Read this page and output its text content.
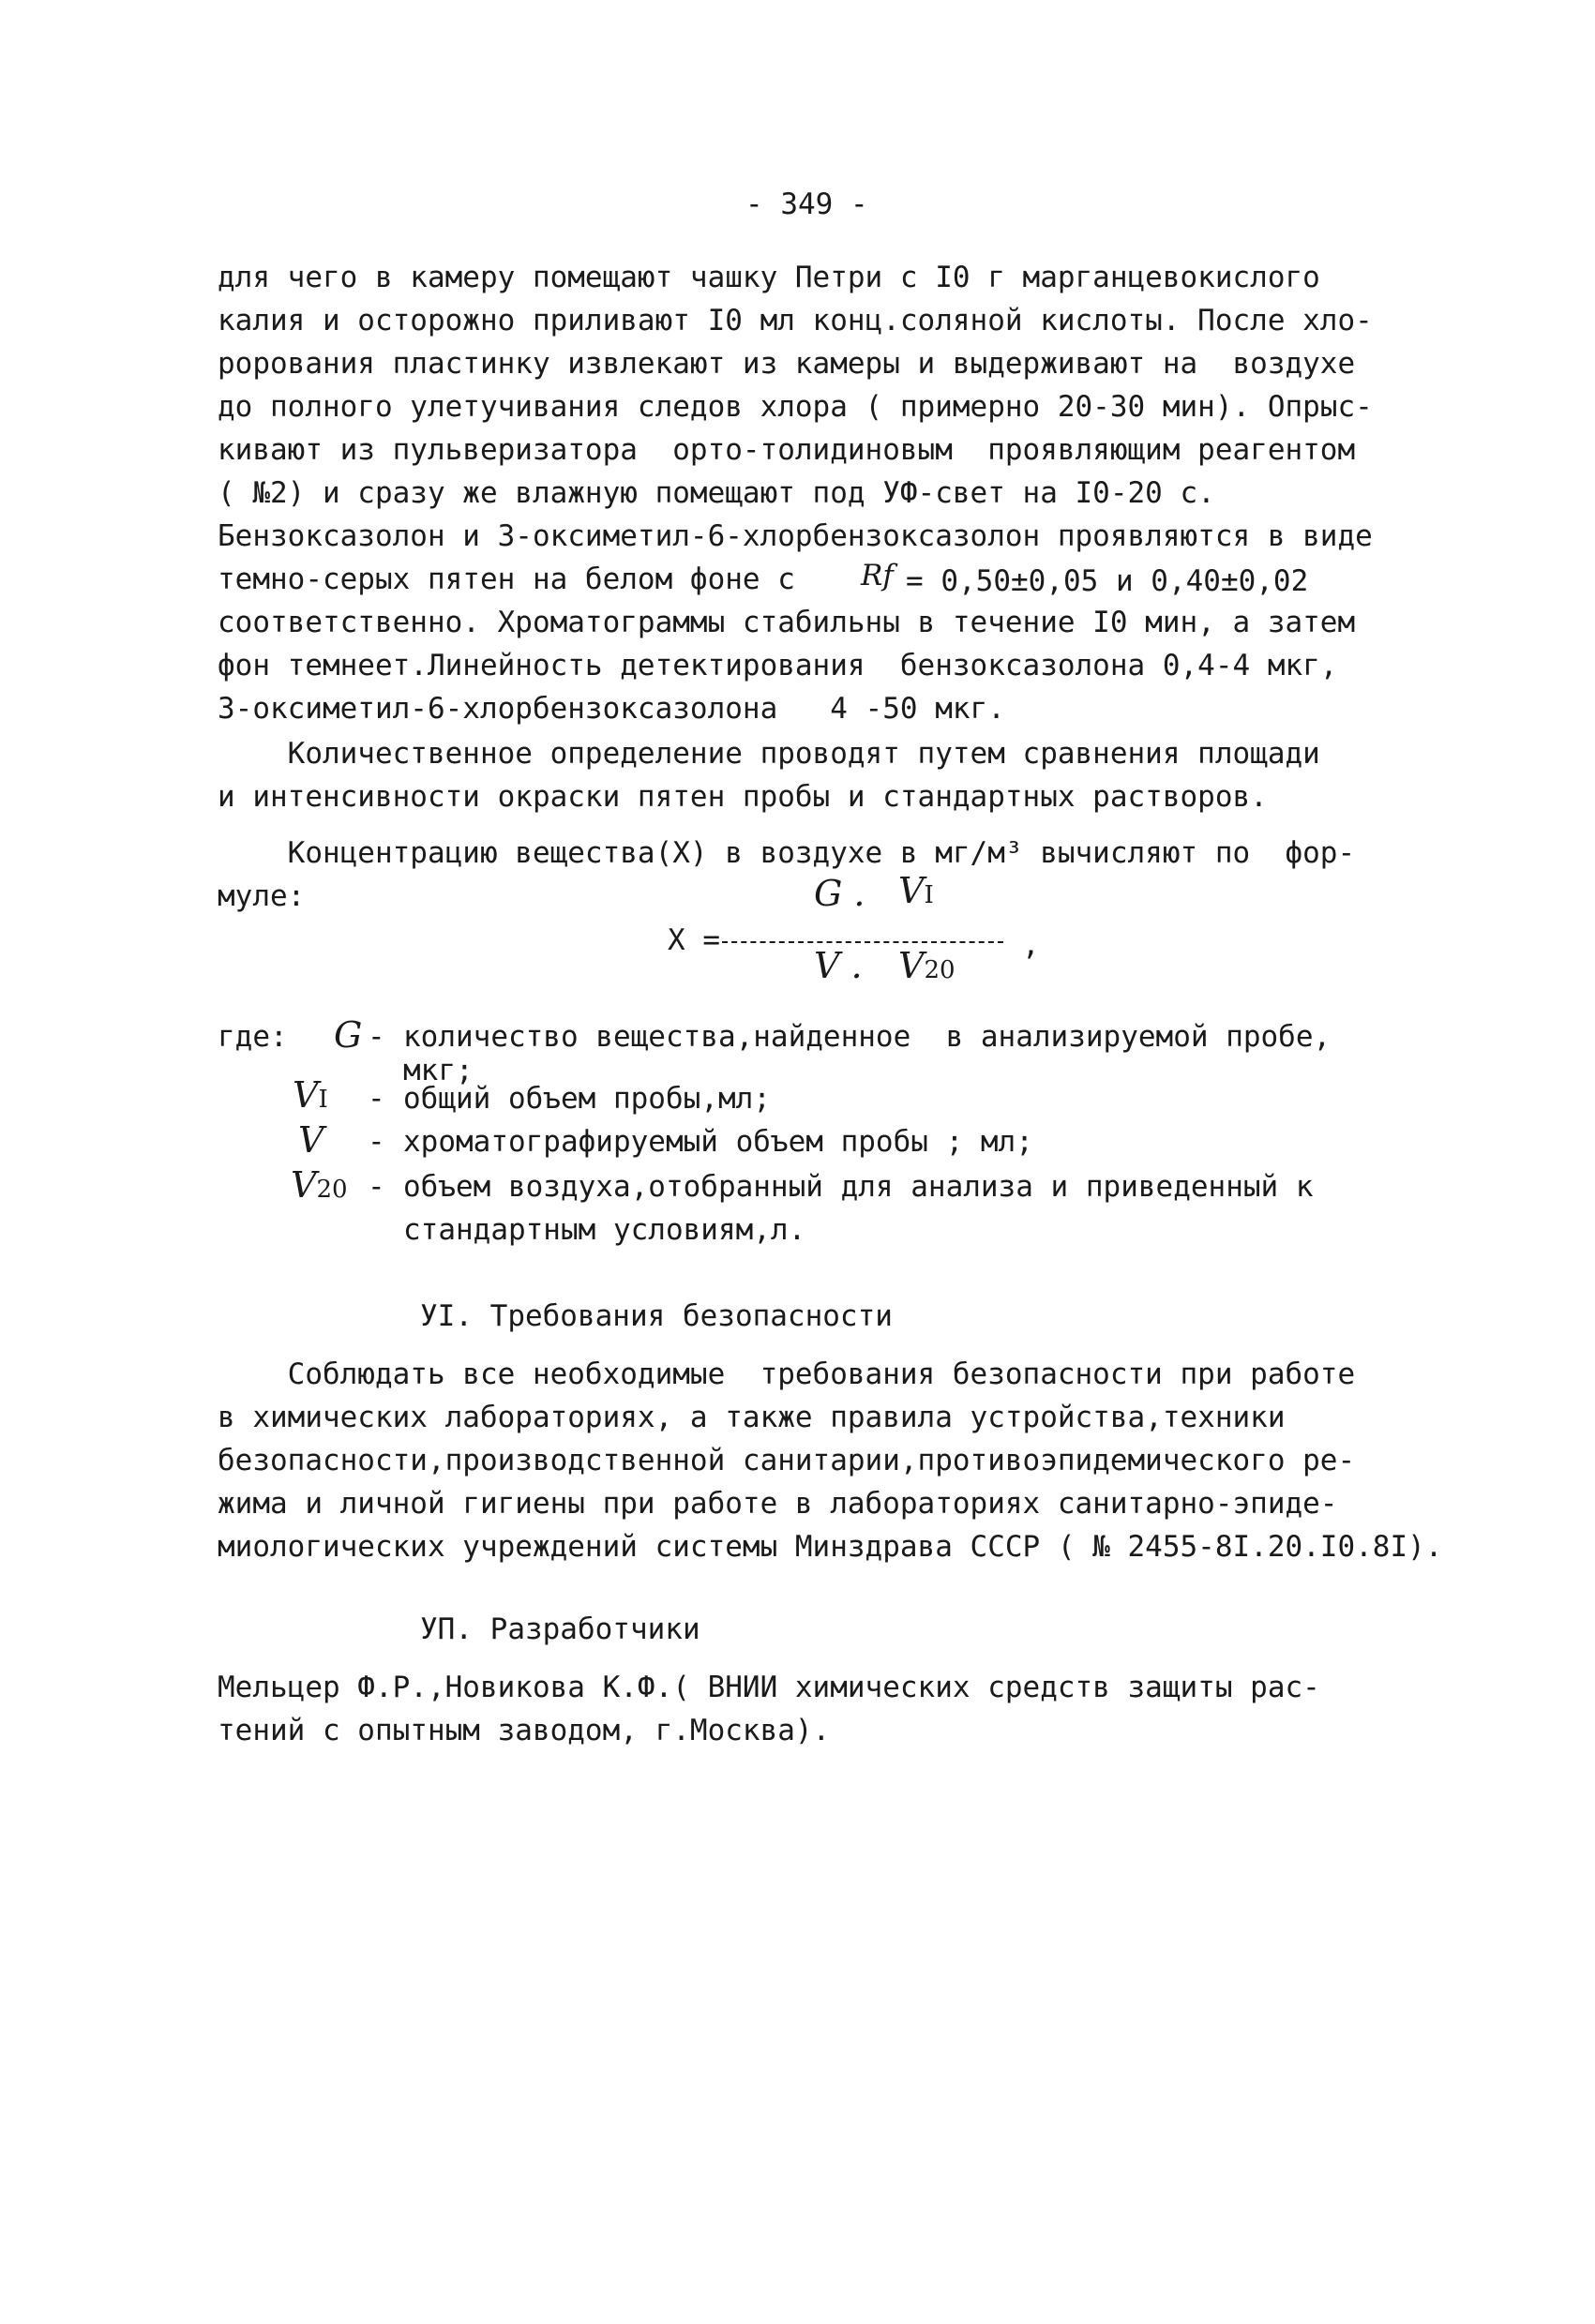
- 349 -
для чего в камеру помещают чашку Петри с I0 г марганцевокислого
калия и осторожно приливают I0 мл конц.соляной кислоты. После хло-
рорования пластинку извлекают из камеры и выдерживают на  воздухе
до полного улетучивания следов хлора ( примерно 20-30 мин). Опрыс-
кивают из пульверизатора  орто-толидиновым  проявляющим реагентом
( №2) и сразу же влажную помещают под УФ-свет на I0-20 с.
Бензоксазолон и 3-оксиметил-6-хлорбензоксазолон проявляются в виде
темно-серых пятен на белом фоне с Rf = 0,50±0,05 и 0,40±0,02
соответственно. Хроматограммы стабильны в течение I0 мин, а затем
фон темнеет.Линейность детектирования  бензоксазолона 0,4-4 мкг,
3-оксиметил-6-хлорбензоксазолона   4 -50 мкг.
Количественное определение проводят путем сравнения площади
и интенсивности окраски пятен пробы и стандартных растворов.
Концентрацию вещества(Х) в воздухе в мг/м³ вычисляют по  фор-
муле:
Х =
G . VI
V . V20
,
где: G - количество вещества,найденное  в анализируемой пробе,
мкг;
VI - общий объем пробы,мл;
V - хроматографируемый объем пробы ; мл;
V20 - объем воздуха,отобранный для анализа и приведенный к
стандартным условиям,л.
УI. Требования безопасности
Соблюдать все необходимые  требования безопасности при работе
в химических лабораториях, а также правила устройства,техники
безопасности,производственной санитарии,противоэпидемического ре-
жима и личной гигиены при работе в лабораториях санитарно-эпиде-
миологических учреждений системы Минздрава СССР ( № 2455-8I.20.I0.8I).
УП. Разработчики
Мельцер Ф.Р.,Новикова К.Ф.( ВНИИ химических средств защиты рас-
тений с опытным заводом, г.Москва).
